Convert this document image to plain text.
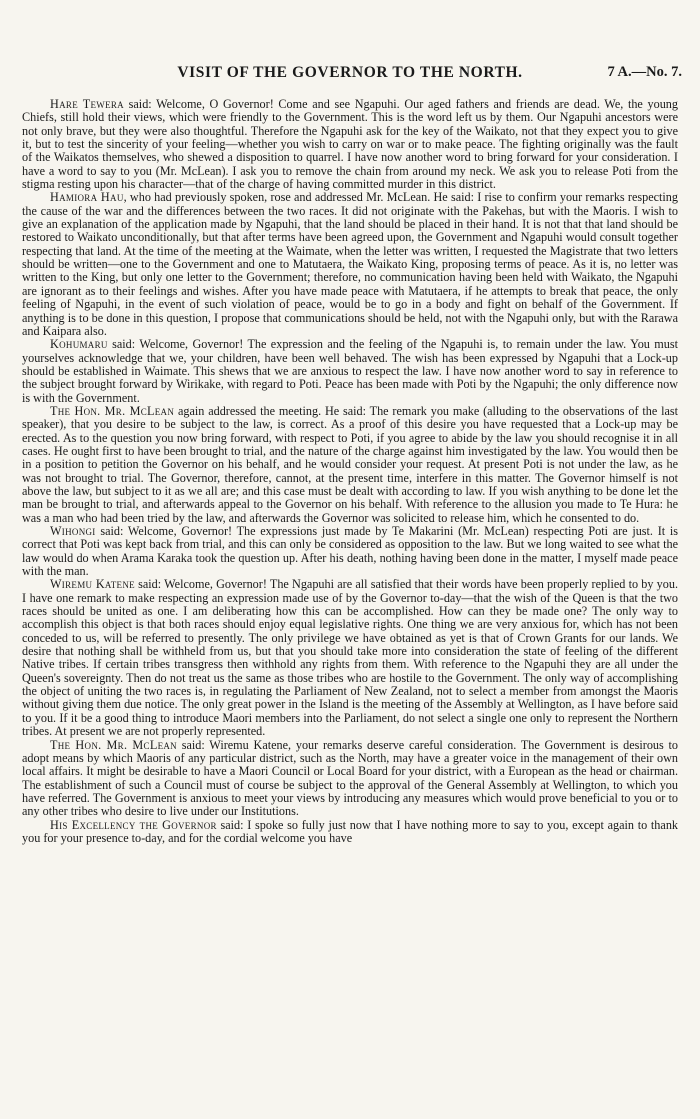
VISIT OF THE GOVERNOR TO THE NORTH.	7 A.—No. 7.

Hare Tewera said: Welcome, O Governor! Come and see Ngapuhi. Our aged fathers and friends are dead. We, the young Chiefs, still hold their views, which were friendly to the Government. This is the word left us by them. Our Ngapuhi ancestors were not only brave, but they were also thoughtful. Therefore the Ngapuhi ask for the key of the Waikato, not that they expect you to give it, but to test the sincerity of your feeling—whether you wish to carry on war or to make peace. The fighting originally was the fault of the Waikatos themselves, who shewed a disposition to quarrel. I have now another word to bring forward for your consideration. I have a word to say to you (Mr. McLean). I ask you to remove the chain from around my neck. We ask you to release Poti from the stigma resting upon his character—that of the charge of having committed murder in this district.

Hamiora Hau, who had previously spoken, rose and addressed Mr. McLean. He said: I rise to confirm your remarks respecting the cause of the war and the differences between the two races. It did not originate with the Pakehas, but with the Maoris. I wish to give an explanation of the application made by Ngapuhi, that the land should be placed in their hand. It is not that that land should be restored to Waikato unconditionally, but that after terms have been agreed upon, the Government and Ngapuhi would consult together respecting that land. At the time of the meeting at the Waimate, when the letter was written, I requested the Magistrate that two letters should be written—one to the Government and one to Matutaera, the Waikato King, proposing terms of peace. As it is, no letter was written to the King, but only one letter to the Government; therefore, no communication having been held with Waikato, the Ngapuhi are ignorant as to their feelings and wishes. After you have made peace with Matutaera, if he attempts to break that peace, the only feeling of Ngapuhi, in the event of such violation of peace, would be to go in a body and fight on behalf of the Government. If anything is to be done in this question, I propose that communications should be held, not with the Ngapuhi only, but with the Rarawa and Kaipara also.

Kohumaru said: Welcome, Governor! The expression and the feeling of the Ngapuhi is, to remain under the law. You must yourselves acknowledge that we, your children, have been well behaved. The wish has been expressed by Ngapuhi that a Lock-up should be established in Waimate. This shews that we are anxious to respect the law. I have now another word to say in reference to the subject brought forward by Wirikake, with regard to Poti. Peace has been made with Poti by the Ngapuhi; the only difference now is with the Government.

The Hon. Mr. McLean again addressed the meeting. He said: The remark you make (alluding to the observations of the last speaker), that you desire to be subject to the law, is correct. As a proof of this desire you have requested that a Lock-up may be erected. As to the question you now bring forward, with respect to Poti, if you agree to abide by the law you should recognise it in all cases. He ought first to have been brought to trial, and the nature of the charge against him investigated by the law. You would then be in a position to petition the Governor on his behalf, and he would consider your request. At present Poti is not under the law, as he was not brought to trial. The Governor, therefore, cannot, at the present time, interfere in this matter. The Governor himself is not above the law, but subject to it as we all are; and this case must be dealt with according to law. If you wish anything to be done let the man be brought to trial, and afterwards appeal to the Governor on his behalf. With reference to the allusion you made to Te Hura: he was a man who had been tried by the law, and afterwards the Governor was solicited to release him, which he consented to do.

Wihongi said: Welcome, Governor! The expressions just made by Te Makarini (Mr. McLean) respecting Poti are just. It is correct that Poti was kept back from trial, and this can only be considered as opposition to the law. But we long waited to see what the law would do when Arama Karaka took the question up. After his death, nothing having been done in the matter, I myself made peace with the man.

Wiremu Katene said: Welcome, Governor! The Ngapuhi are all satisfied that their words have been properly replied to by you. I have one remark to make respecting an expression made use of by the Governor to-day—that the wish of the Queen is that the two races should be united as one. I am deliberating how this can be accomplished. How can they be made one? The only way to accomplish this object is that both races should enjoy equal legislative rights. One thing we are very anxious for, which has not been conceded to us, will be referred to presently. The only privilege we have obtained as yet is that of Crown Grants for our lands. We desire that nothing shall be withheld from us, but that you should take more into consideration the state of feeling of the different Native tribes. If certain tribes transgress then withhold any rights from them. With reference to the Ngapuhi they are all under the Queen's sovereignty. Then do not treat us the same as those tribes who are hostile to the Government. The only way of accomplishing the object of uniting the two races is, in regulating the Parliament of New Zealand, not to select a member from amongst the Maoris without giving them due notice. The only great power in the Island is the meeting of the Assembly at Wellington, as I have before said to you. If it be a good thing to introduce Maori members into the Parliament, do not select a single one only to represent the Northern tribes. At present we are not properly represented.

The Hon. Mr. McLean said: Wiremu Katene, your remarks deserve careful consideration. The Government is desirous to adopt means by which Maoris of any particular district, such as the North, may have a greater voice in the management of their own local affairs. It might be desirable to have a Maori Council or Local Board for your district, with a European as the head or chairman. The establishment of such a Council must of course be subject to the approval of the General Assembly at Wellington, to which you have referred. The Government is anxious to meet your views by introducing any measures which would prove beneficial to you or to any other tribes who desire to live under our Institutions.

His Excellency the Governor said: I spoke so fully just now that I have nothing more to say to you, except again to thank you for your presence to-day, and for the cordial welcome you have
